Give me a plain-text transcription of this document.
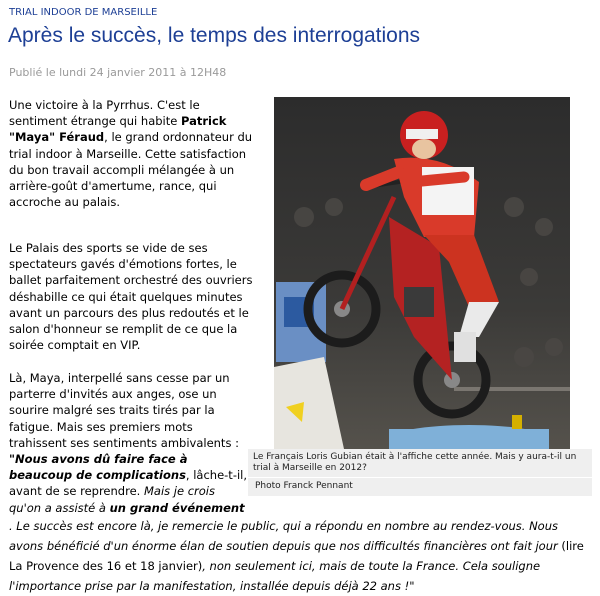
TRIAL INDOOR DE MARSEILLE
Après le succès, le temps des interrogations
Publié le lundi 24 janvier 2011 à 12H48

Une victoire à la Pyrrhus. C'est le sentiment étrange qui habite Patrick "Maya" Féraud, le grand ordonnateur du trial indoor à Marseille. Cette satisfaction du bon travail accompli mélangée à un arrière-goût d'amertume, rance, qui accroche au palais.

Le Palais des sports se vide de ses spectateurs gavés d'émotions fortes, le ballet parfaitement orchestré des ouvriers déshabille ce qui était quelques minutes avant un parcours des plus redoutés et le salon d'honneur se remplit de ce que la soirée comptait en VIP.

Là, Maya, interpellé sans cesse par un parterre d'invités aux anges, ose un sourire malgré ses traits tirés par la fatigue. Mais ses premiers mots trahissent ses sentiments ambivalents : "Nous avons dû faire face à beaucoup de complications, lâche-t-il, avant de se reprendre. Mais je crois qu'on a assisté à un grand événement

. Le succès est encore là, je remercie le public, qui a répondu en nombre au rendez-vous. Nous avons bénéficié d'un énorme élan de soutien depuis que nos difficultés financières ont fait jour (lire La Provence des 16 et 18 janvier), non seulement ici, mais de toute la France. Cela souligne l'importance prise par la manifestation, installée depuis déjà 22 ans !"

Le Français Loris Gubian était à l'affiche cette année. Mais y aura-t-il un trial à Marseille en 2012?
Photo Franck Pennant
